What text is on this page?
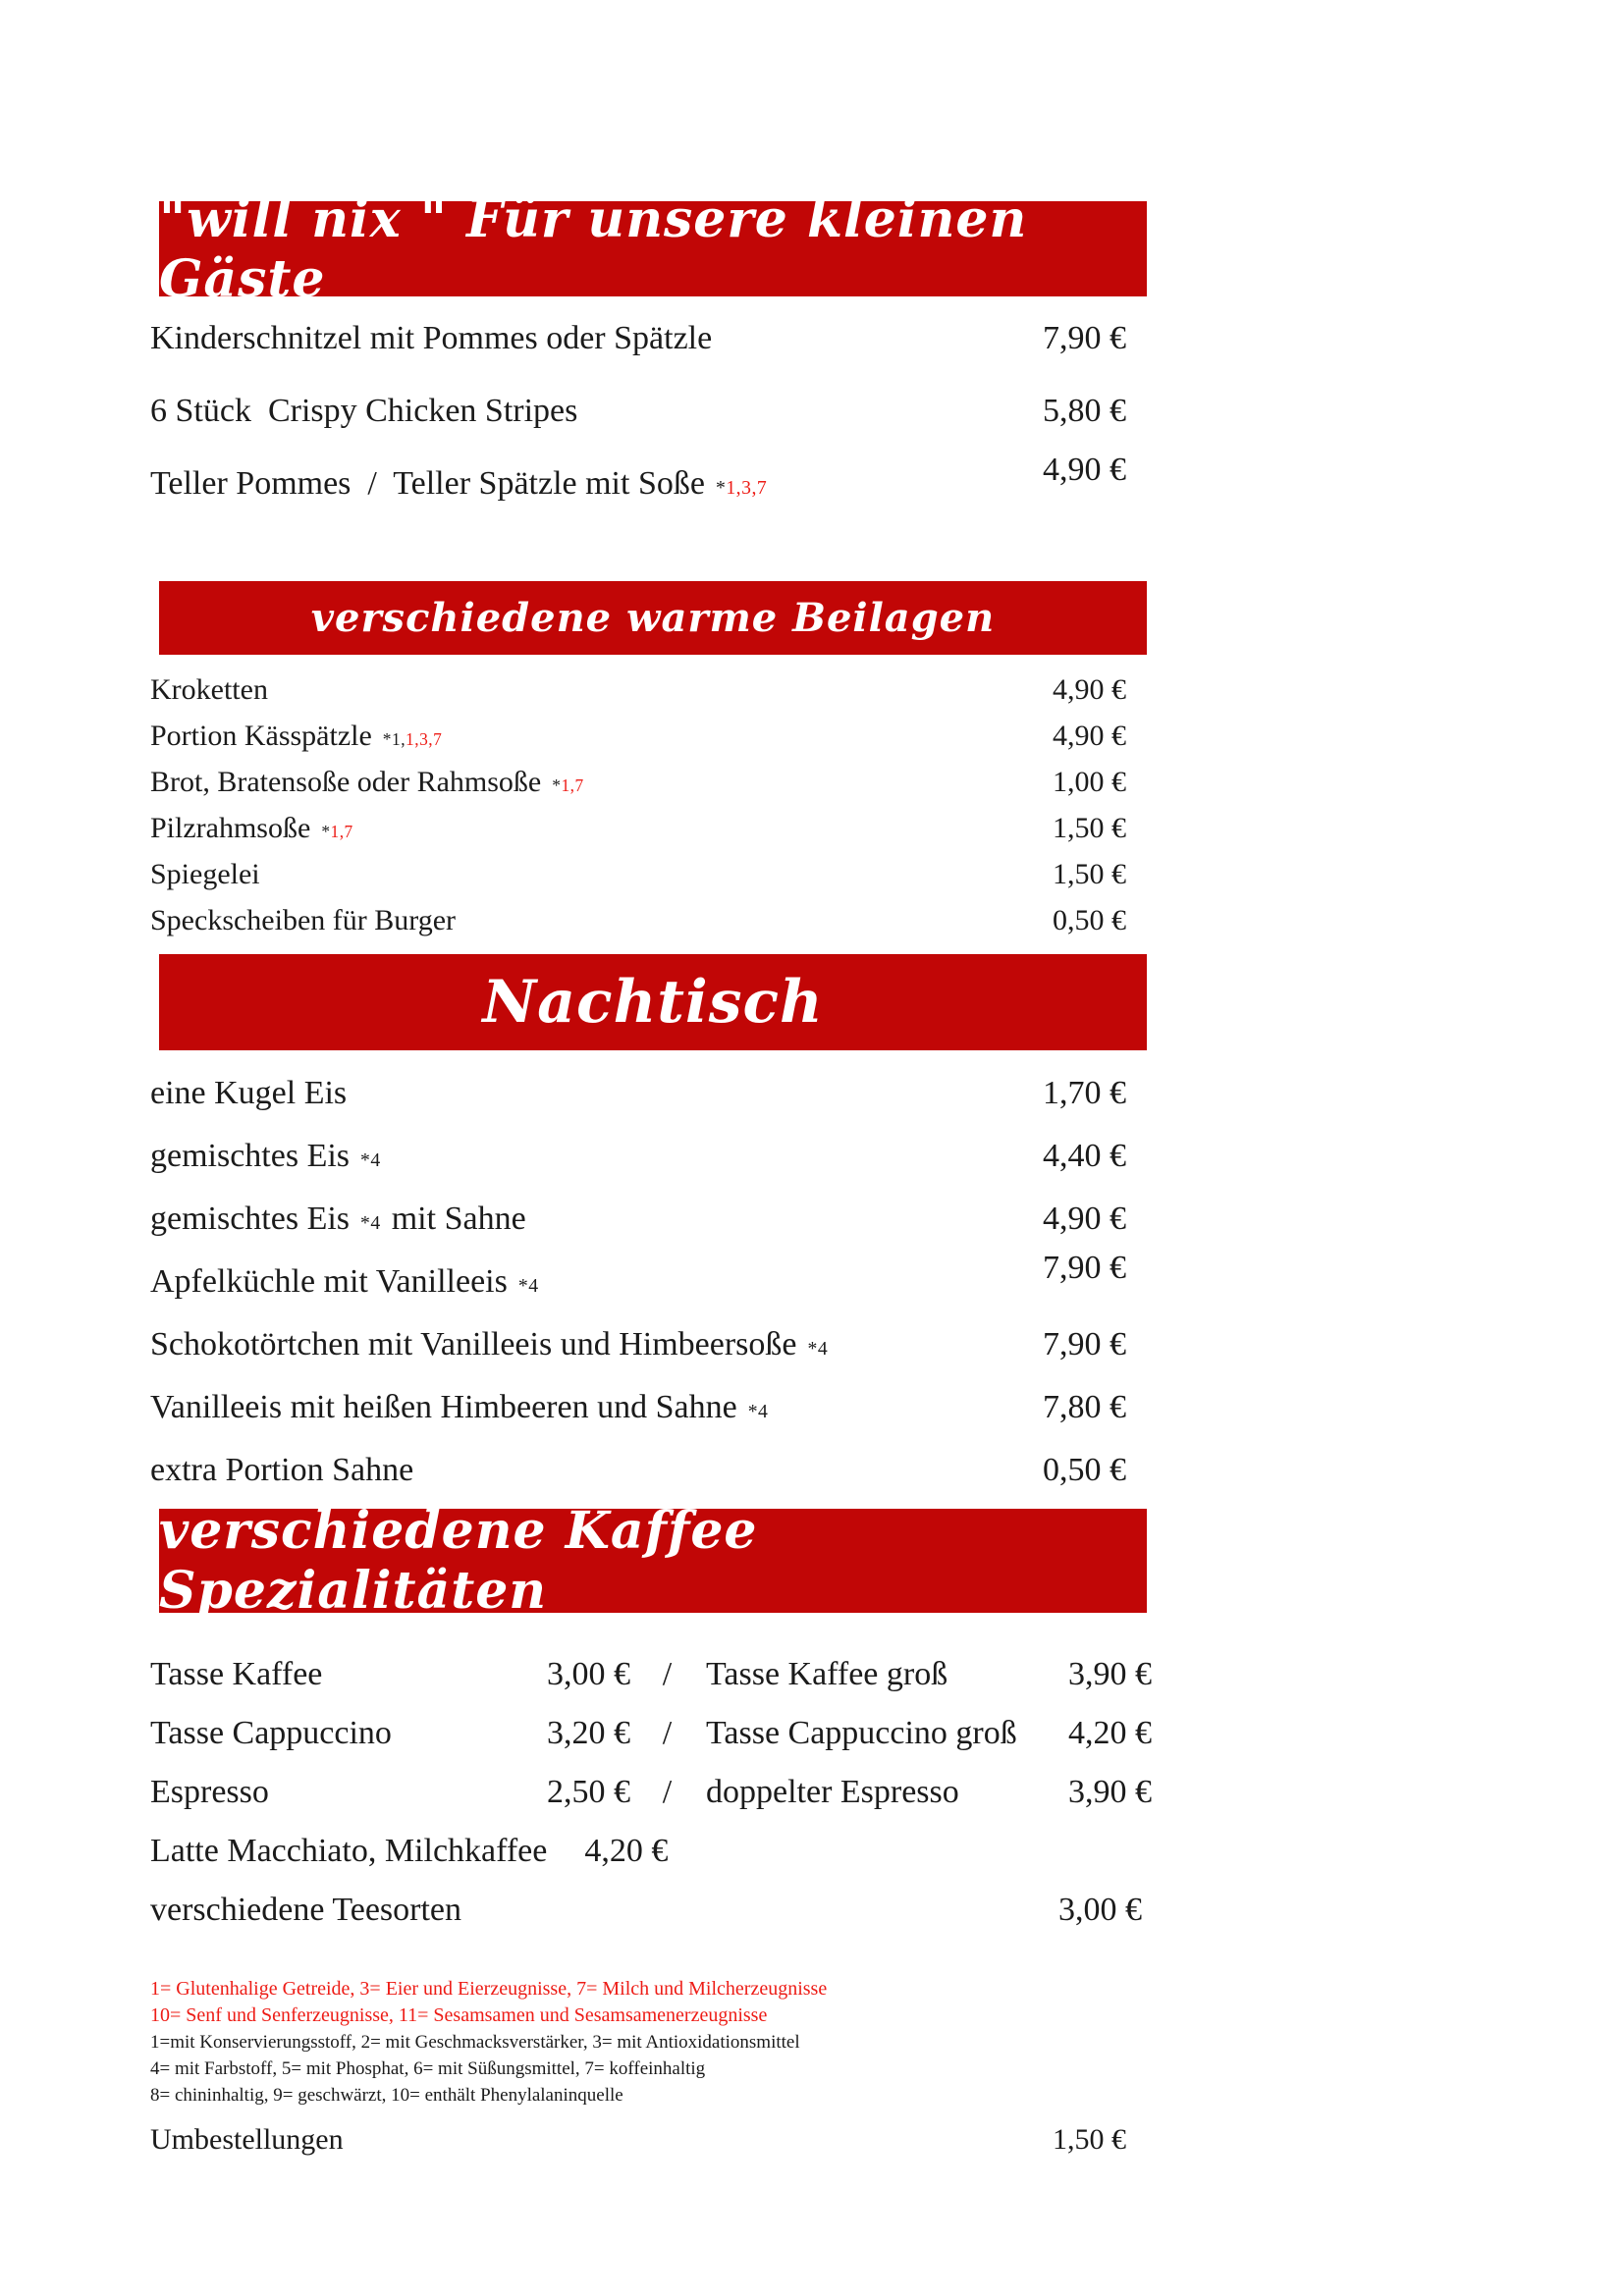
"will nix " Für unsere kleinen Gäste
Kinderschnitzel mit Pommes oder Spätzle	7,90 €
6 Stück  Crispy Chicken Stripes	5,80 €
Teller Pommes  /  Teller Spätzle mit Soße *1,3,7	4,90 €
verschiedene warme Beilagen
Kroketten	4,90 €
Portion Kässpätzle *1,1,3,7	4,90 €
Brot, Bratensoße oder Rahmsoße *1,7	1,00 €
Pilzrahmsoße *1,7	1,50 €
Spiegelei	1,50 €
Speckscheiben für Burger	0,50 €
Nachtisch
eine Kugel Eis	1,70 €
gemischtes Eis *4	4,40 €
gemischtes Eis *4 mit Sahne	4,90 €
Apfelküchle mit Vanilleeis *4	7,90 €
Schokotörtchen mit Vanilleeis und Himbeersoße *4	7,90 €
Vanilleeis mit heißen Himbeeren und Sahne *4	7,80 €
extra Portion Sahne	0,50 €
verschiedene Kaffee Spezialitäten
Tasse Kaffee	3,00 € /	Tasse Kaffee groß	3,90 €
Tasse Cappuccino	3,20 € /	Tasse Cappuccino groß	4,20 €
Espresso	2,50 € /	doppelter Espresso	3,90 €
Latte Macchiato, Milchkaffee 4,20 €
verschiedene Teesorten	3,00 €
1= Glutenhalige Getreide, 3= Eier und Eierzeugnisse, 7= Milch und Milcherzeugnisse
10= Senf und Senferzeugnisse, 11= Sesamsamen und Sesamsamenerzeugnisse
1=mit Konservierungsstoff, 2= mit Geschmacksverstärker, 3= mit Antioxidationsmittel
4= mit Farbstoff, 5= mit Phosphat, 6= mit Süßungsmittel, 7= koffeinhaltig
8= chininhaltig, 9= geschwärzt, 10= enthält Phenylalaninquelle
Umbestellungen	1,50 €
